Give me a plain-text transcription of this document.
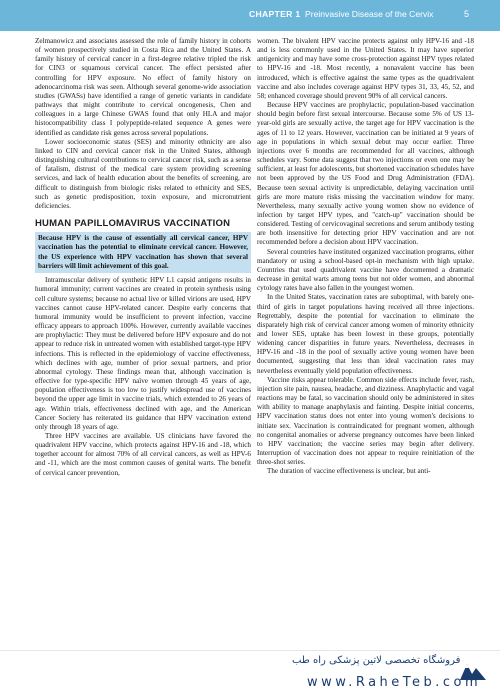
CHAPTER 1 Preinvasive Disease of the Cervix	5

Zelmanowicz and associates assessed the role of family history in cohorts of women prospectively studied in Costa Rica and the United States. A family history of cervical cancer in a first-degree relative tripled the risk for CIN3 or squamous cervical cancer. The effect persisted after controlling for HPV exposure. No effect of family history on adenocarcinoma risk was seen. Although several genome-wide association studies (GWASs) have identified a range of genetic variants in candidate pathways that might contribute to cervical oncogenesis, Chen and colleagues in a large Chinese GWAS found that only HLA and major histocompatibility class I polypeptide-related sequence A genes were identified as candidate risk genes across several populations.

Lower socioeconomic status (SES) and minority ethnicity are also linked to CIN and cervical cancer risk in the United States, although distinguishing cultural contributions to cervical cancer risk, such as a sense of fatalism, distrust of the medical care system providing screening services, and lack of health education about the benefits of screening, are difficult to distinguish from biologic risks related to ethnicity and SES, such as genetic predisposition, toxin exposure, and micronutrient deficiencies.

HUMAN PAPILLOMAVIRUS VACCINATION
Because HPV is the cause of essentially all cervical cancer, HPV vaccination has the potential to eliminate cervical cancer. However, the US experience with HPV vaccination has shown that several barriers will limit achievement of this goal.

Intramuscular delivery of synthetic HPV L1 capsid antigens results in humoral immunity; current vaccines are created in protein synthesis using cell culture systems; because no actual live or killed virions are used, HPV vaccines cannot cause HPV-related cancer. Despite early concerns that humoral immunity would be insufficient to prevent infection, vaccine efficacy appears to approach 100%. However, currently available vaccines are prophylactic: They must be delivered before HPV exposure and do not appear to reduce risk in untreated women with established target-type HPV infections. This is reflected in the epidemiology of vaccine effectiveness, which declines with age, number of prior sexual partners, and prior abnormal cytology. These findings mean that, although vaccination is effective for type-specific HPV naïve women through 45 years of age, population effectiveness is too low to justify widespread use of vaccines beyond the upper age limit in vaccine trials, which extended to 26 years of age. Within trials, effectiveness declined with age, and the American Cancer Society has reiterated its guidance that HPV vaccination extend only through 18 years of age.

Three HPV vaccines are available. US clinicians have favored the quadrivalent HPV vaccine, which protects against HPV-16 and -18, which together account for almost 70% of all cervical cancers, as well as HPV-6 and -11, which are the most common causes of genital warts. The benefit of cervical cancer prevention,

women. The bivalent HPV vaccine protects against only HPV-16 and -18 and is less commonly used in the United States. It may have superior antigenicity and may have some cross-protection against HPV types related to HPV-16 and -18. Most recently, a nonavalent vaccine has been introduced, which is effective against the same types as the quadrivalent vaccine and also includes coverage against HPV types 31, 33, 45, 52, and 58; enhanced coverage should prevent 90% of all cervical cancers.

Because HPV vaccines are prophylactic, population-based vaccination should begin before first sexual intercourse. Because some 5% of US 13-year-old girls are sexually active, the target age for HPV vaccination is the ages of 11 to 12 years. However, vaccination can be initiated at 9 years of age in populations in which sexual debut may occur earlier. Three injections over 6 months are recommended for all vaccines, although schedules vary. Some data suggest that two injections or even one may be sufficient, at least for adolescents, but shortened vaccination schedules have not been approved by the US Food and Drug Administration (FDA). Because teen sexual activity is unpredictable, delaying vaccination until girls are more mature risks missing the vaccination window for many. Nevertheless, many sexually active young women show no evidence of infection by target HPV types, and "catch-up" vaccination should be considered. Testing of cervicovaginal secretions and serum antibody testing are both insensitive for detecting prior HPV vaccination and are not recommended before a decision about HPV vaccination.

Several countries have instituted organized vaccination programs, either mandatory or using a school-based opt-in mechanism with high uptake. Countries that used quadrivalent vaccine have documented a dramatic decrease in genital warts among teens but not older women, and abnormal cytology rates have also fallen in the youngest women.

In the United States, vaccination rates are suboptimal, with barely one-third of girls in target populations having received all three injections. Regrettably, despite the potential for vaccination to eliminate the disparately high risk of cervical cancer among women of minority ethnicity and lower SES, uptake has been lowest in these groups, potentially widening cancer disparities in future years. Nevertheless, decreases in HPV-16 and -18 in the pool of sexually active young women have been documented, suggesting that less than ideal vaccination rates may nevertheless eventually yield population effectiveness.

Vaccine risks appear tolerable. Common side effects include fever, rash, injection site pain, nausea, headache, and dizziness. Anaphylactic and vagal reactions may be fatal, so vaccination should only be administered in sites with ability to manage anaphylaxis and fainting. Despite initial concerns, HPV vaccination status does not enter into young women's decisions to initiate sex. Vaccination is contraindicated for pregnant women, although no congenital anomalies or adverse pregnancy outcomes have been linked to HPV vaccination; the vaccine series may begin after delivery. Interruption of vaccination does not appear to require reinitiation of the three-shot series.

The duration of vaccine effectiveness is unclear, but anti-

فروشگاه تخصصی لاتین پزشکی راه طب
www.RaheTeb.com
